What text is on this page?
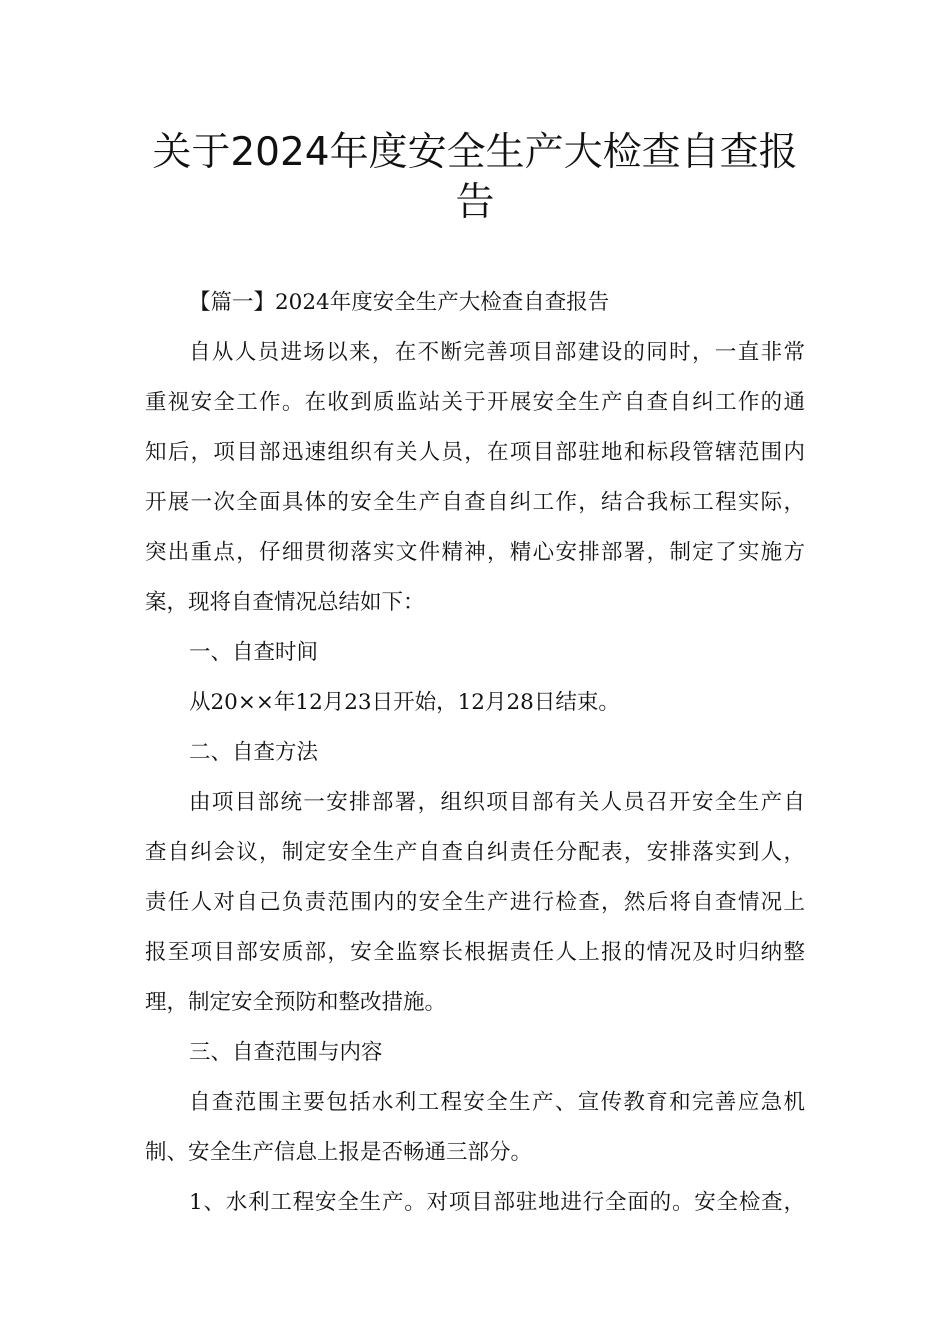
关于2024年度安全生产大检查自查报
告
【篇一】2024年度安全生产大检查自查报告
自从人员进场以来，在不断完善项目部建设的同时，一直非常
重视安全工作。在收到质监站关于开展安全生产自查自纠工作的通
知后，项目部迅速组织有关人员，在项目部驻地和标段管辖范围内
开展一次全面具体的安全生产自查自纠工作，结合我标工程实际，
突出重点，仔细贯彻落实文件精神，精心安排部署，制定了实施方
案，现将自查情况总结如下：
一、自查时间
从20××年12月23日开始，12月28日结束。
二、自查方法
由项目部统一安排部署，组织项目部有关人员召开安全生产自
查自纠会议，制定安全生产自查自纠责任分配表，安排落实到人，
责任人对自己负责范围内的安全生产进行检查，然后将自查情况上
报至项目部安质部，安全监察长根据责任人上报的情况及时归纳整
理，制定安全预防和整改措施。
三、自查范围与内容
自查范围主要包括水利工程安全生产、宣传教育和完善应急机
制、安全生产信息上报是否畅通三部分。
1、水利工程安全生产。对项目部驻地进行全面的。安全检查，
